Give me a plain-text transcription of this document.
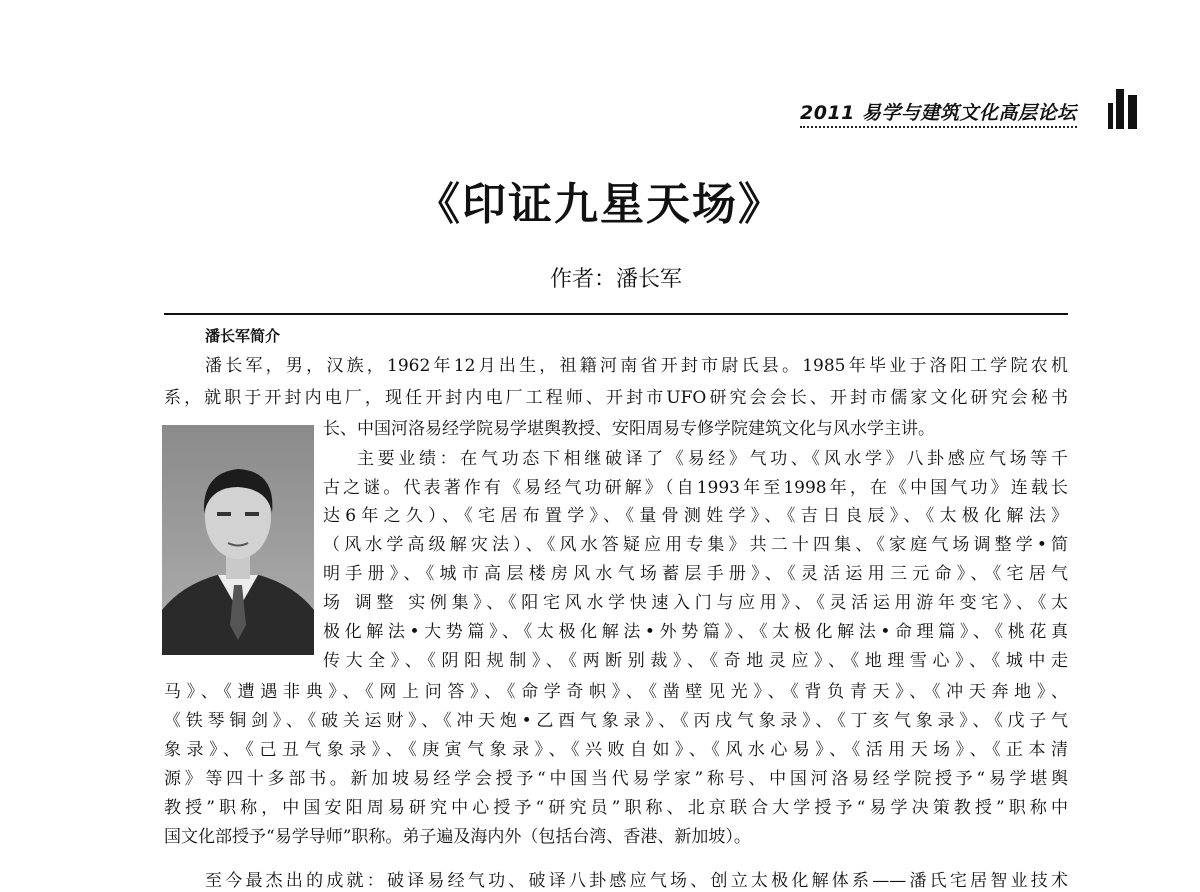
2011 易学与建筑文化高层论坛
《印证九星天场》
作者：潘长军
潘长军简介
潘长军，男，汉族，1962年12月出生，祖籍河南省开封市尉氏县。1985年毕业于洛阳工学院农机
系，就职于开封内电厂，现任开封内电厂工程师、开封市UFO研究会会长、开封市儒家文化研究会秘书
长、中国河洛易经学院易学堪舆教授、安阳周易专修学院建筑文化与风水学主讲。
主要业绩：在气功态下相继破译了《易经》气功、《风水学》八卦感应气场等千
古之谜。代表著作有《易经气功研解》（自1993年至1998年，在《中国气功》连载长
达6年之久）、《宅居布置学》、《量骨测姓学》、《吉日良辰》、《太极化解法》
（风水学高级解灾法）、《风水答疑应用专集》共二十四集、《家庭气场调整学•简
明手册》、《城市高层楼房风水气场蓄层手册》、《灵活运用三元命》、《宅居气
场 调整 实例集》、《阳宅风水学快速入门与应用》、《灵活运用游年变宅》、《太
极化解法•大势篇》、《太极化解法•外势篇》、《太极化解法•命理篇》、《桃花真
传大全》、《阴阳规制》、《两断别裁》、《奇地灵应》、《地理雪心》、《城中走
马》、《遭遇非典》、《网上问答》、《命学奇帜》、《凿壁见光》、《背负青天》、《冲天奔地》、
《铁琴铜剑》、《破关运财》、《冲天炮•乙酉气象录》、《丙戌气象录》、《丁亥气象录》、《戊子气
象录》、《己丑气象录》、《庚寅气象录》、《兴败自如》、《风水心易》、《活用天场》、《正本清
源》等四十多部书。新加坡易经学会授予“中国当代易学家”称号、中国河洛易经学院授予“易学堪舆
教授”职称，中国安阳周易研究中心授予“研究员”职称、北京联合大学授予“易学决策教授”职称中
国文化部授予“易学导师”职称。弟子遍及海内外（包括台湾、香港、新加坡）。
至今最杰出的成就：破译易经气功、破译八卦感应气场、创立太极化解体系——潘氏宅居智业技术
